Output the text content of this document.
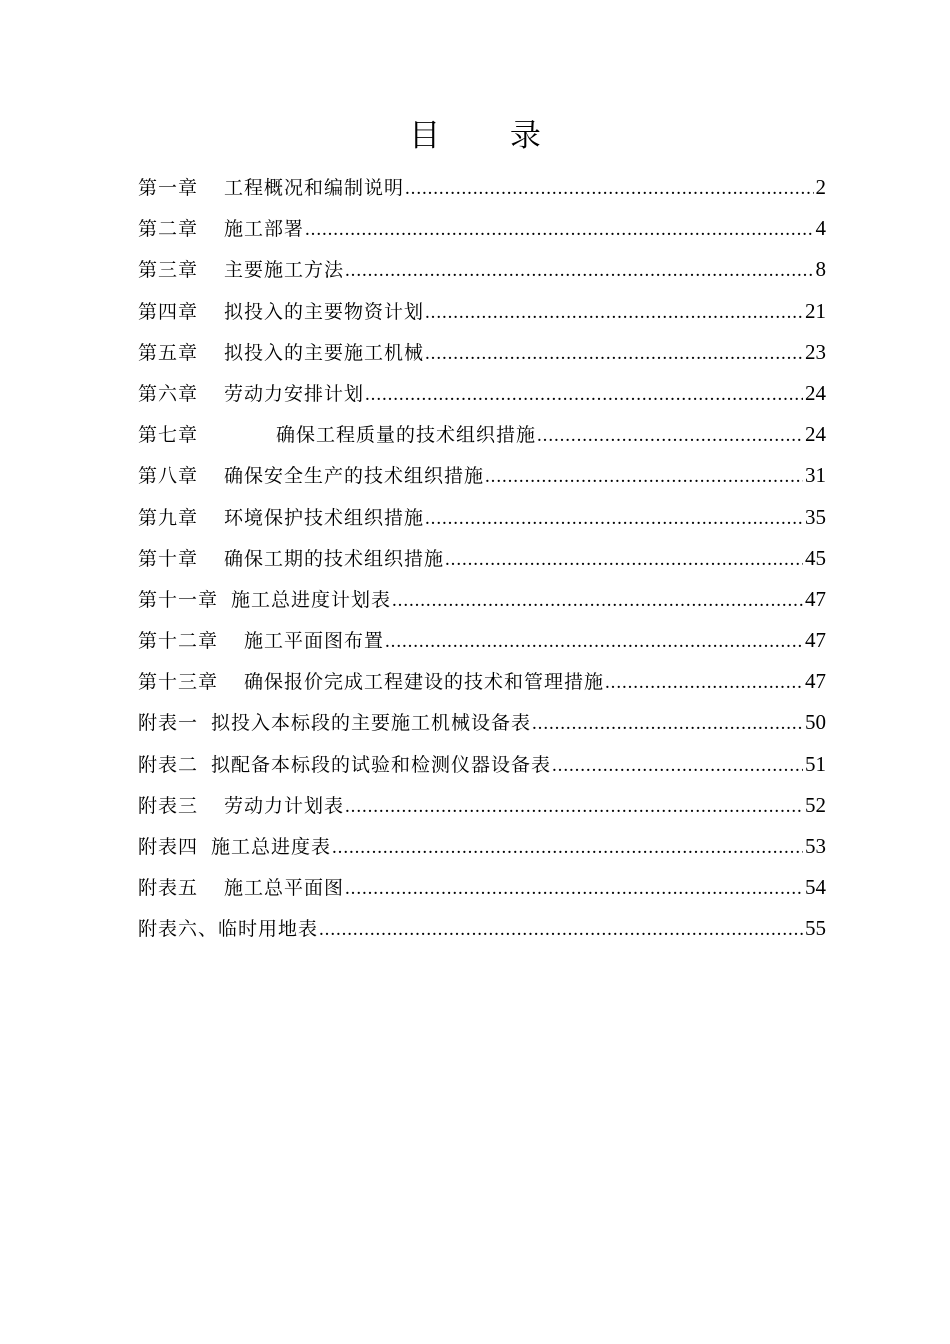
目 录
第一章 工程概况和编制说明 .....	2
第二章 施工部署 .....	4
第三章 主要施工方法 .....	8
第四章 拟投入的主要物资计划 .....	21
第五章 拟投入的主要施工机械 .....	23
第六章 劳动力安排计划 .....	24
第七章	确保工程质量的技术组织措施 .....	24
第八章 确保安全生产的技术组织措施 .....	31
第九章 环境保护技术组织措施 .....	35
第十章 确保工期的技术组织措施 .....	45
第十一章 施工总进度计划表 .....	47
第十二章 施工平面图布置 .....	47
第十三章 确保报价完成工程建设的技术和管理措施 .....	47
附表一 拟投入本标段的主要施工机械设备表 .....	50
附表二 拟配备本标段的试验和检测仪器设备表 .....	51
附表三 劳动力计划表 .....	52
附表四 施工总进度表 .....	53
附表五 施工总平面图 .....	54
附表六、 临时用地表 .....	55
